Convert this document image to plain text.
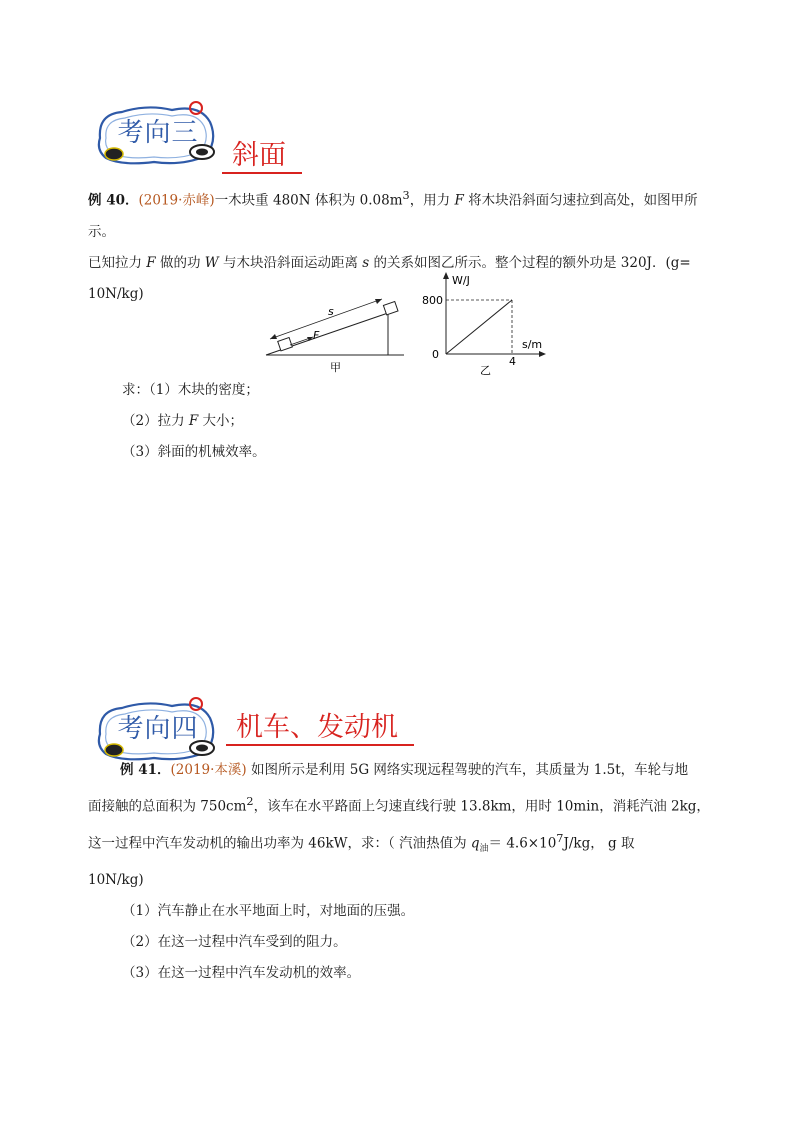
考向三
斜面

例 40．(2019·赤峰)一木块重 480N 体积为 $0.08m^3$，用力 F 将木块沿斜面匀速拉到高处，如图甲所示。

已知拉力 F 做的功 W 与木块沿斜面运动距离 s 的关系如图乙所示。整个过程的额外功是 320J．(g=

10N/kg)

s
F
甲
W/J
s/m
800
4
0
乙
求：（1）木块的密度；
（2）拉力 F 大小；
（3）斜面的机械效率。
考向四	机车、发动机

例 41．(2019·本溪) 如图所示是利用 5G 网络实现远程驾驶的汽车，其质量为 1.5t，车轮与地

面接触的总面积为 $750cm^2$，该车在水平路面上匀速直线行驶 13.8km，用时 10min，消耗汽油 2kg，

这一过程中汽车发动机的输出功率为 46kW，求：（ 汽油热值为 $q_油= 4.6\times 10^7J/kg$， g 取

10N/kg)

（1）汽车静止在水平地面上时，对地面的压强。
（2）在这一过程中汽车受到的阻力。
（3）在这一过程中汽车发动机的效率。
